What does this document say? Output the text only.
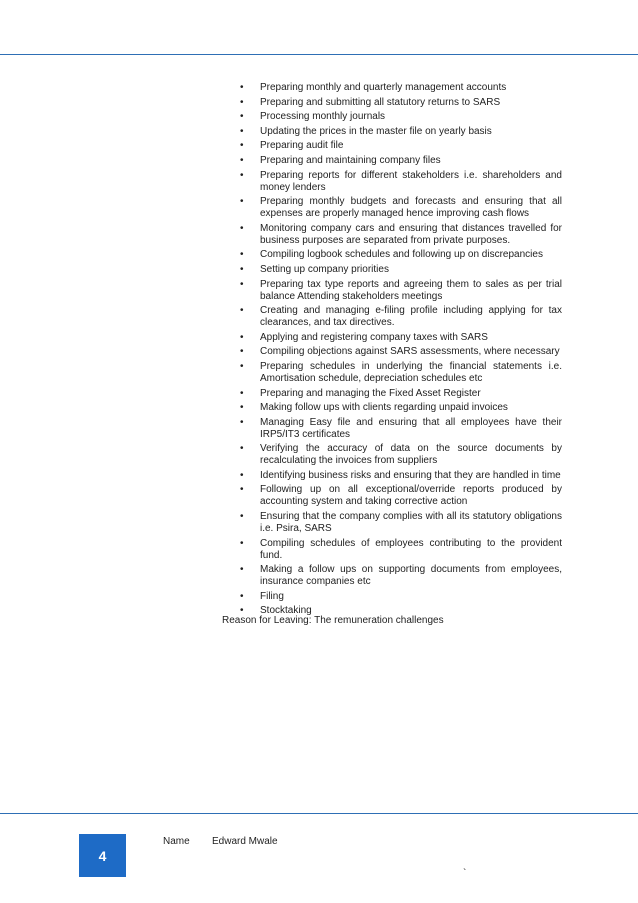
• Preparing monthly and quarterly management accounts
• Preparing and submitting all statutory returns to SARS
• Processing monthly journals
• Updating the prices in the master file on yearly basis
• Preparing audit file
• Preparing and maintaining company files
• Preparing reports for different stakeholders i.e. shareholders and money lenders
• Preparing monthly budgets and forecasts and ensuring that all expenses are properly managed hence improving cash flows
• Monitoring company cars and ensuring that distances travelled for business purposes are separated from private purposes.
• Compiling logbook schedules and following up on discrepancies
• Setting up company priorities
• Preparing tax type reports and agreeing them to sales as per trial balance Attending stakeholders meetings
• Creating and managing e-filing profile including applying for tax clearances, and tax directives.
• Applying and registering company taxes with SARS
• Compiling objections against SARS assessments, where necessary
• Preparing schedules in underlying the financial statements i.e. Amortisation schedule, depreciation schedules etc
• Preparing and managing the Fixed Asset Register
• Making follow ups with clients regarding unpaid invoices
• Managing Easy file and ensuring that all employees have their IRP5/IT3 certificates
• Verifying the accuracy of data on the source documents by recalculating the invoices from suppliers
• Identifying business risks and ensuring that they are handled in time
• Following up on all exceptional/override reports produced by accounting system and taking corrective action
• Ensuring that the company complies with all its statutory obligations i.e. Psira, SARS
• Compiling schedules of employees contributing to the provident fund.
• Making a follow ups on supporting documents from employees, insurance companies etc
• Filing
• Stocktaking
Reason for Leaving: The remuneration challenges
4
Name Edward Mwale
`
